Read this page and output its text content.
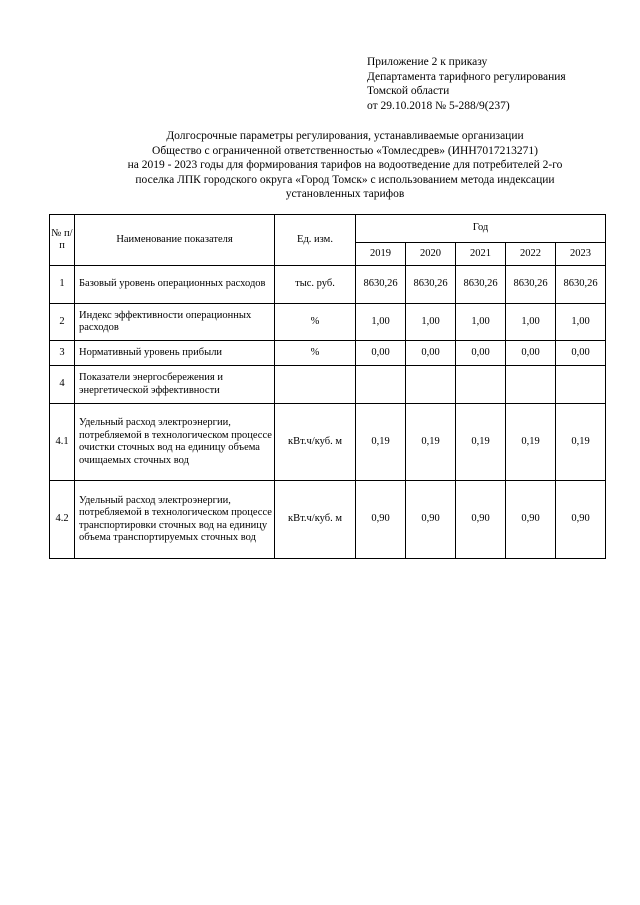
Приложение 2 к приказу
Департамента тарифного регулирования
Томской области
от 29.10.2018 № 5-288/9(237)
Долгосрочные параметры регулирования, устанавливаемые организации
Общество с ограниченной ответственностью «Томлесдрев» (ИНН7017213271)
на 2019 - 2023 годы для формирования тарифов на водоотведение для потребителей 2-го
поселка ЛПК городского округа «Город Томск» с использованием метода индексации
установленных тарифов
№ п/п	Наименование показателя	Ед. изм.	Год				
			2019	2020	2021	2022	2023
1	Базовый уровень операционных расходов	тыс. руб.	8630,26	8630,26	8630,26	8630,26	8630,26
2	Индекс эффективности операционных расходов	%	1,00	1,00	1,00	1,00	1,00
3	Нормативный уровень прибыли	%	0,00	0,00	0,00	0,00	0,00
4	Показатели энергосбережения и энергетической эффективности						
4.1	Удельный расход электроэнергии, потребляемой в технологическом процессе очистки сточных вод на единицу объема очищаемых сточных вод	кВт.ч/куб. м	0,19	0,19	0,19	0,19	0,19
4.2	Удельный расход электроэнергии, потребляемой в технологическом процессе транспортировки сточных вод на единицу объема транспортируемых сточных вод	кВт.ч/куб. м	0,90	0,90	0,90	0,90	0,90
